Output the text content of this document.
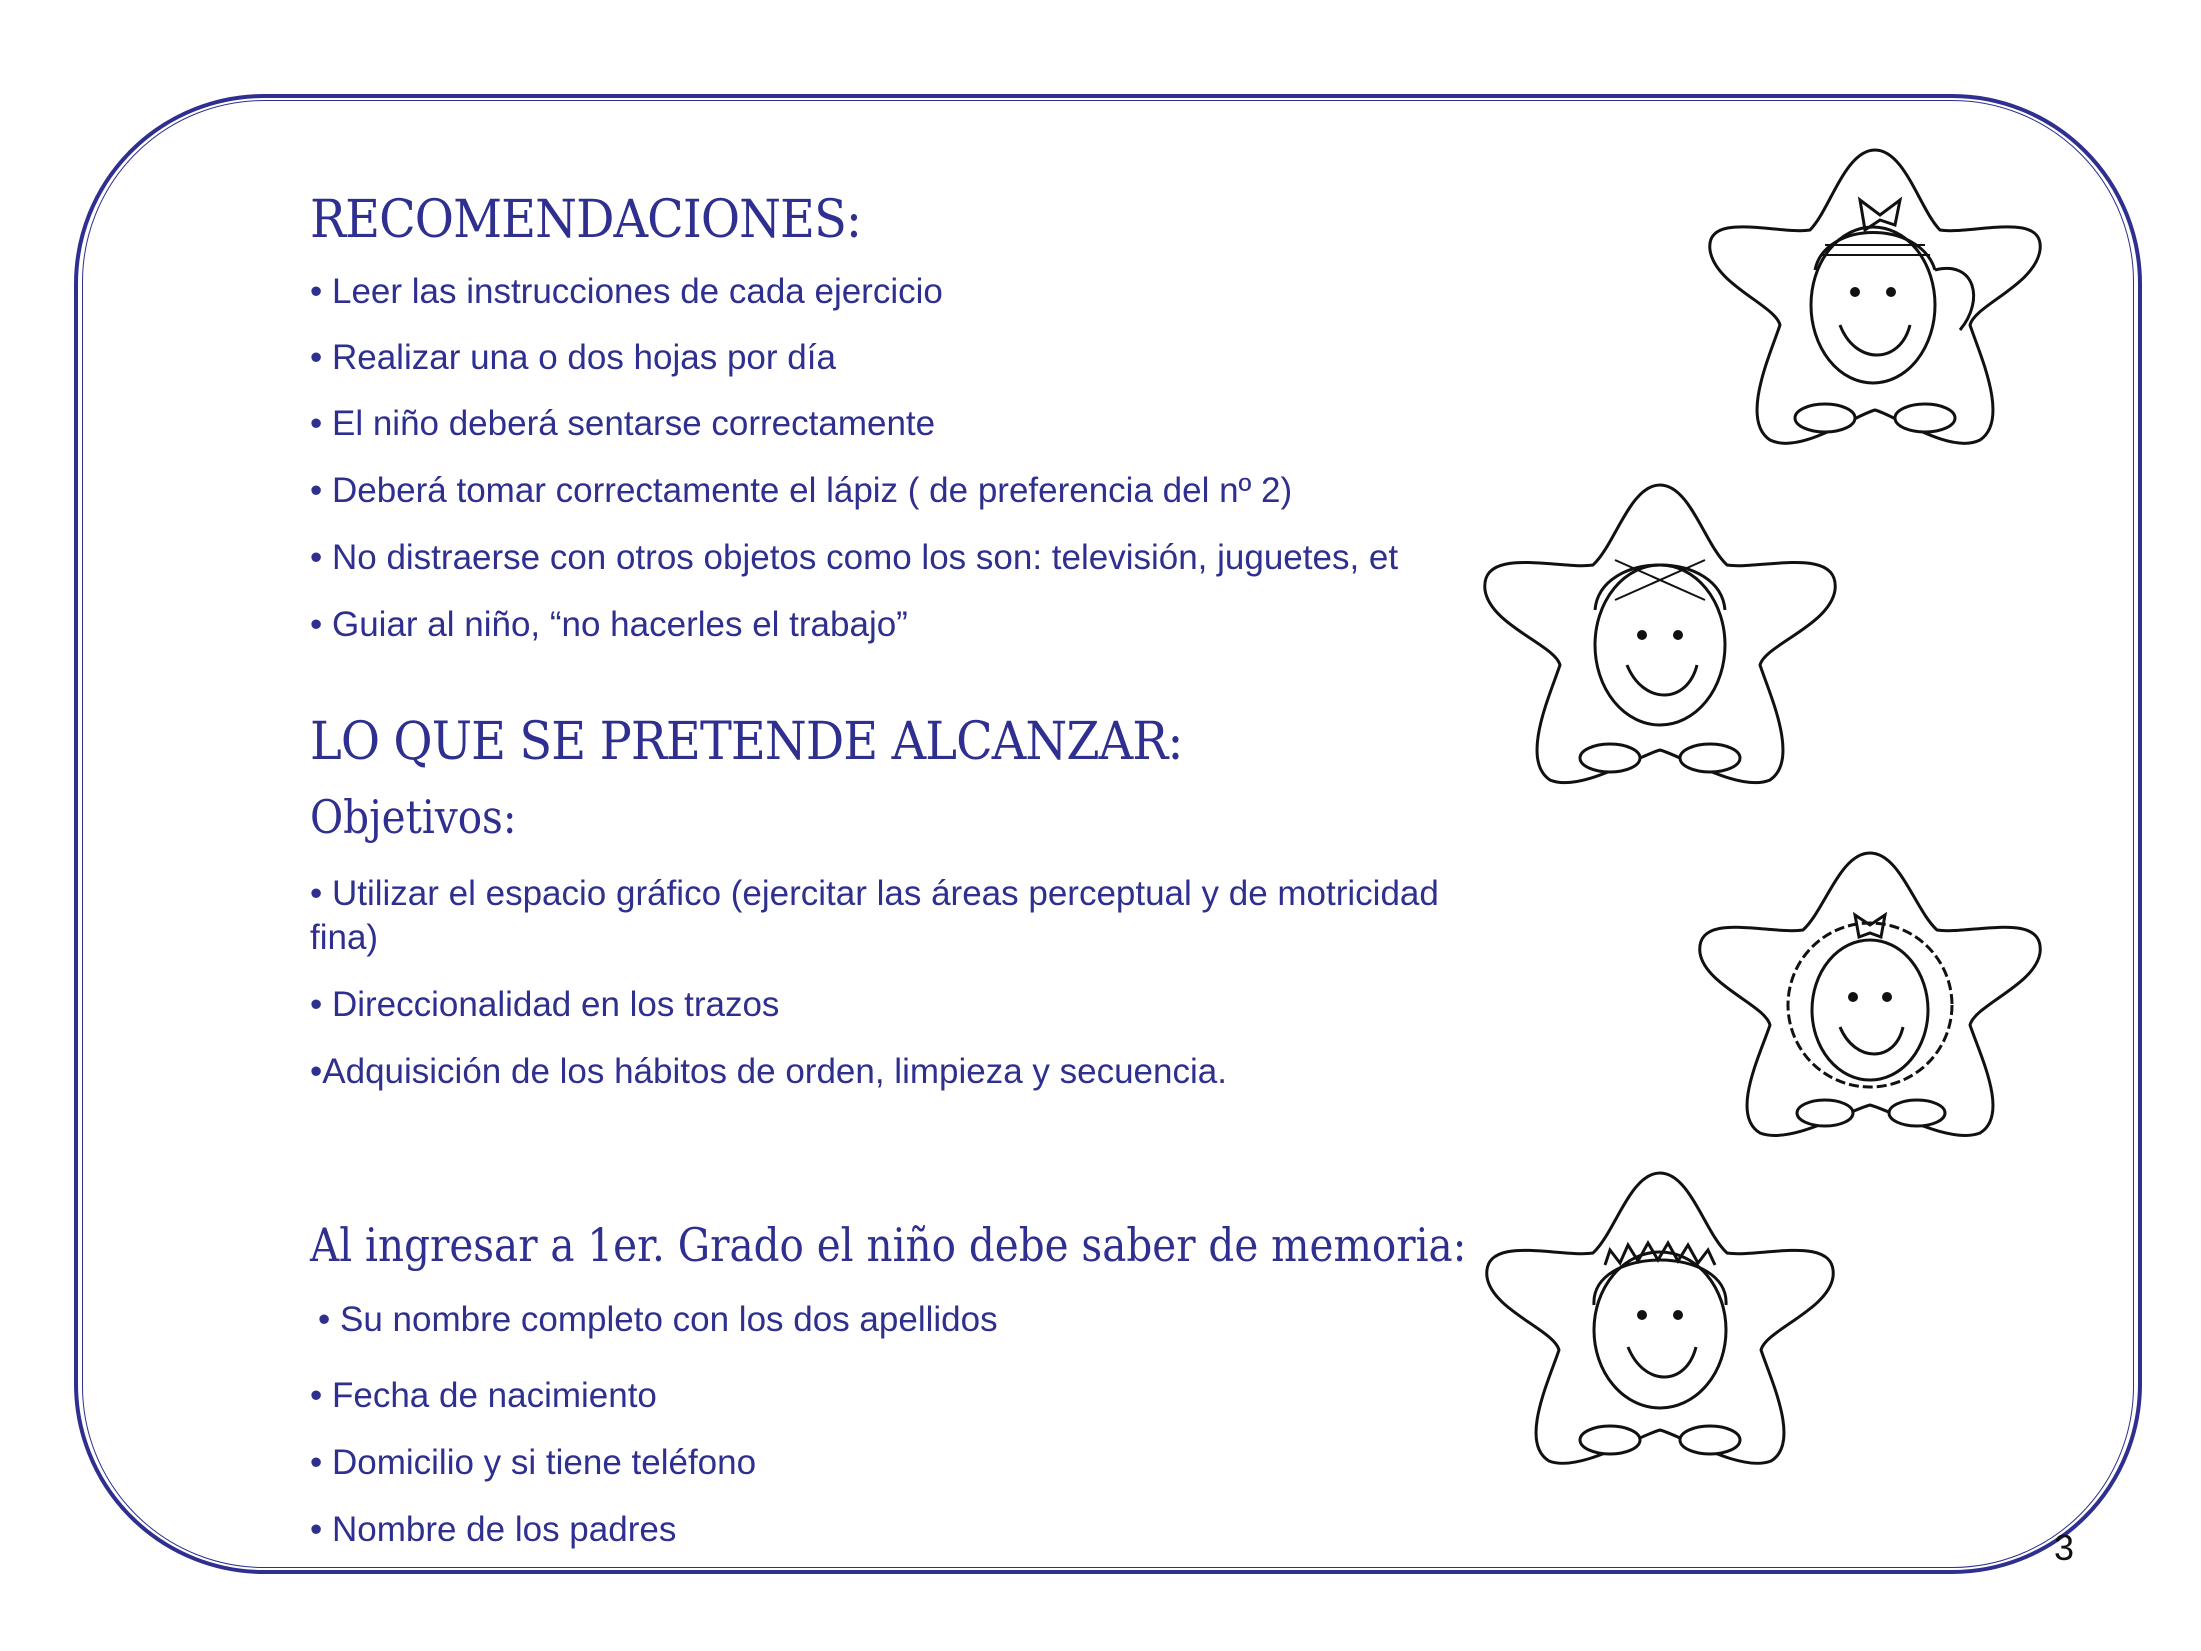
RECOMENDACIONES:
• Leer las instrucciones de cada ejercicio
• Realizar una o dos hojas por día
• El niño deberá sentarse correctamente
• Deberá tomar correctamente el lápiz ( de preferencia del nº 2)
• No distraerse con otros objetos como los son: televisión, juguetes, et
• Guiar al niño, “no hacerles el trabajo”
LO QUE SE PRETENDE ALCANZAR:
Objetivos:
• Utilizar el espacio gráfico (ejercitar las áreas perceptual y de motricidad fina)
• Direccionalidad en los trazos
•Adquisición de los hábitos de orden, limpieza y secuencia.
Al ingresar a 1er. Grado el niño debe saber de memoria:
• Su nombre completo con los dos apellidos
• Fecha de nacimiento
• Domicilio y si tiene teléfono
• Nombre de los padres	3
